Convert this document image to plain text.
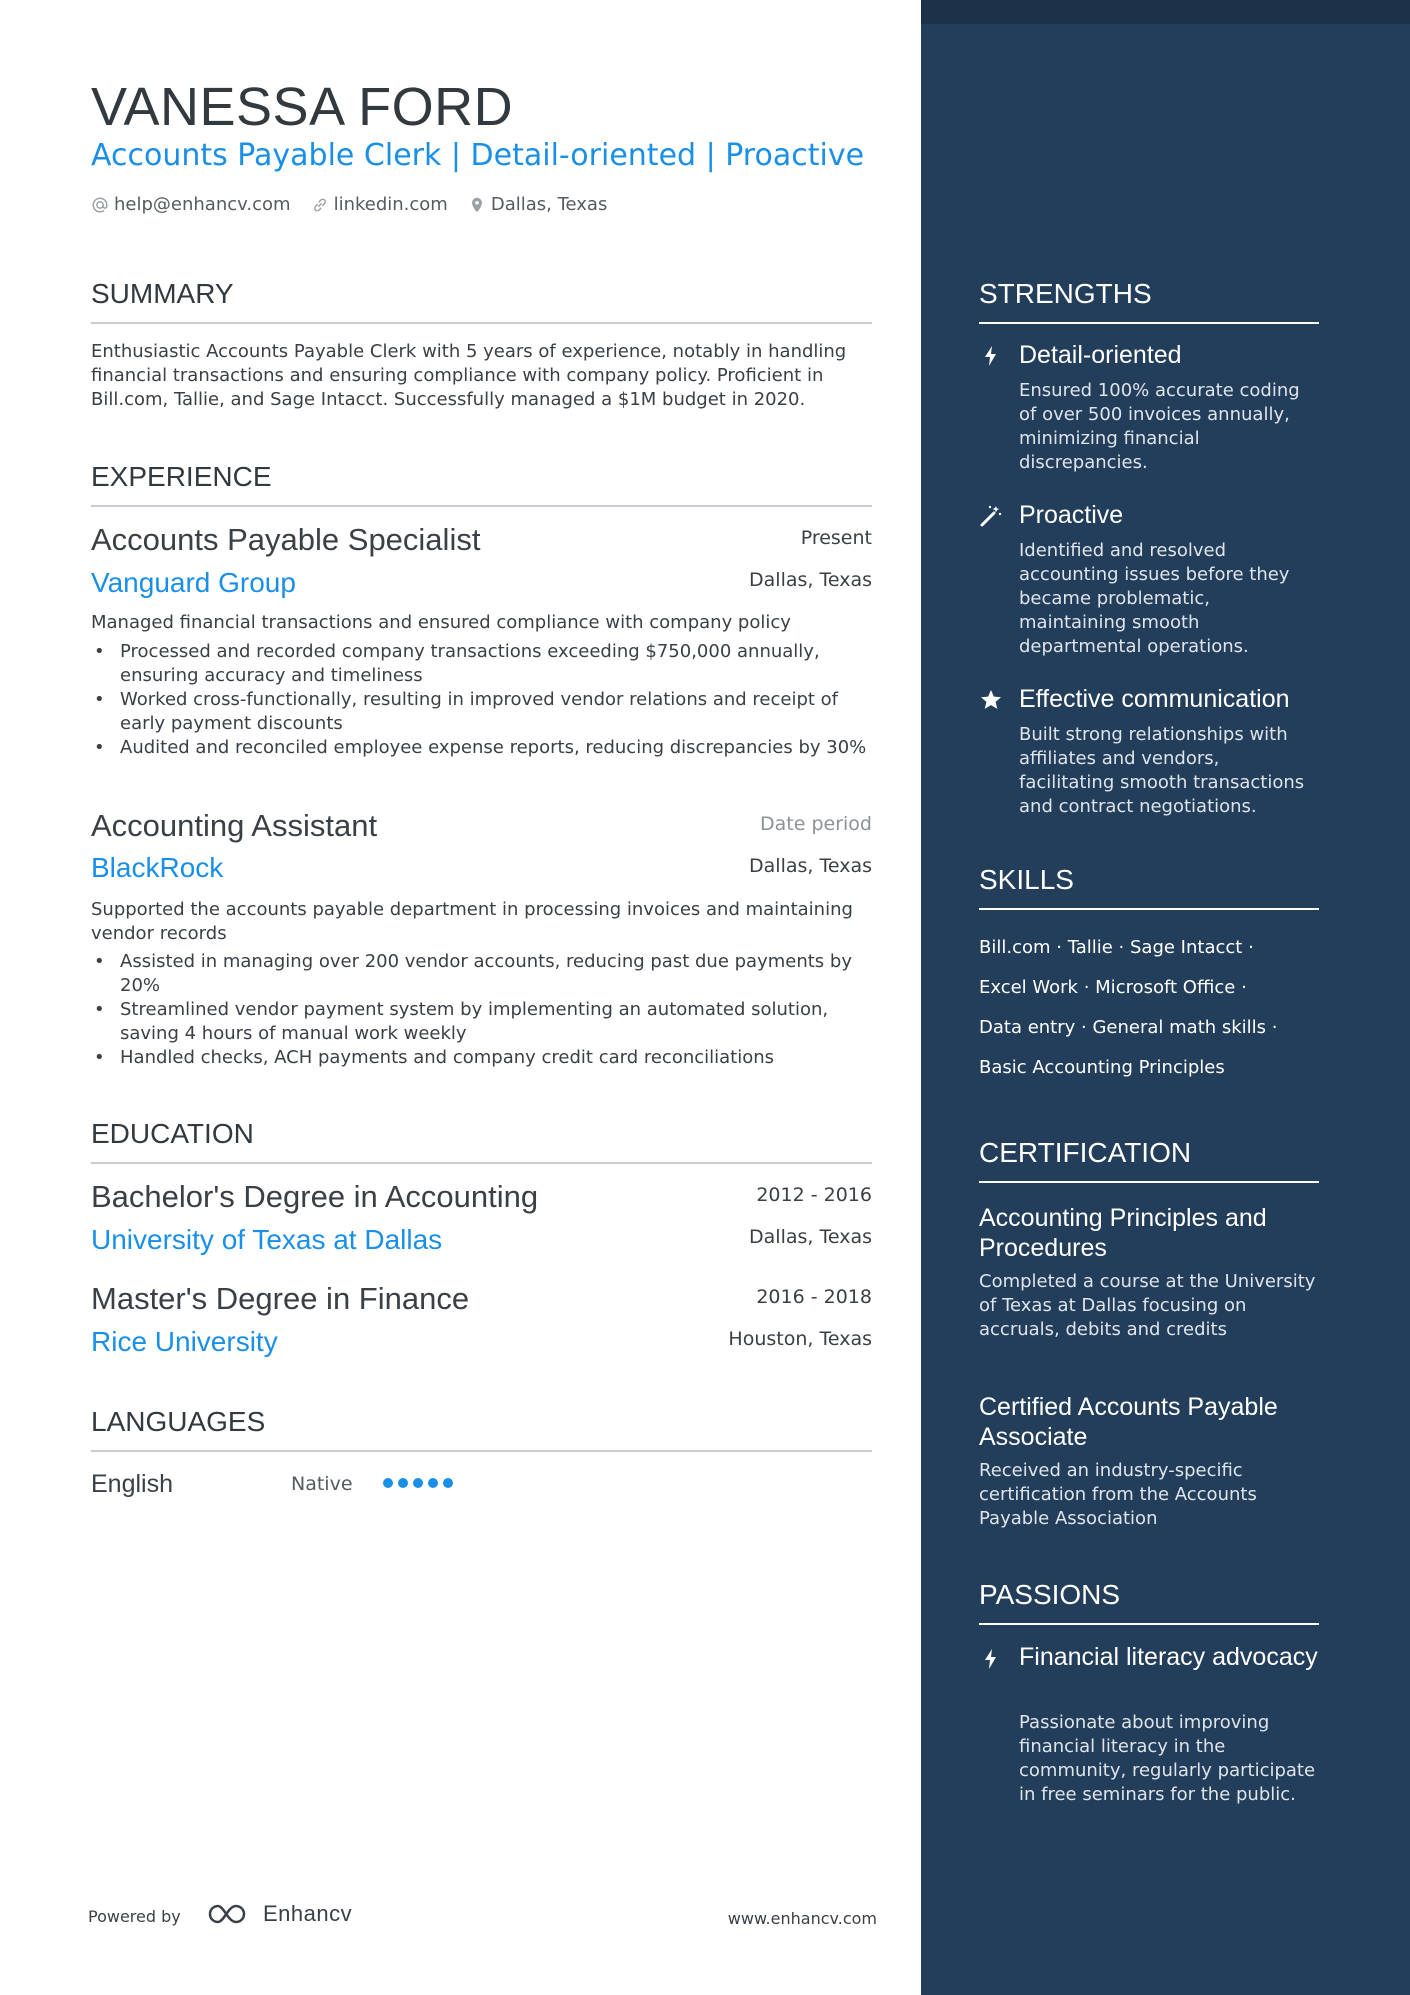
VANESSA FORD
Accounts Payable Clerk | Detail-oriented | Proactive
help@enhancv.com linkedin.com Dallas, Texas
SUMMARY
Enthusiastic Accounts Payable Clerk with 5 years of experience, notably in handling financial transactions and ensuring compliance with company policy. Proficient in Bill.com, Tallie, and Sage Intacct. Successfully managed a $1M budget in 2020.
EXPERIENCE
Accounts Payable Specialist	Present
Vanguard Group	Dallas, Texas
Managed financial transactions and ensured compliance with company policy
• Processed and recorded company transactions exceeding $750,000 annually, ensuring accuracy and timeliness
• Worked cross-functionally, resulting in improved vendor relations and receipt of early payment discounts
• Audited and reconciled employee expense reports, reducing discrepancies by 30%
Accounting Assistant	Date period
BlackRock	Dallas, Texas
Supported the accounts payable department in processing invoices and maintaining vendor records
• Assisted in managing over 200 vendor accounts, reducing past due payments by 20%
• Streamlined vendor payment system by implementing an automated solution, saving 4 hours of manual work weekly
• Handled checks, ACH payments and company credit card reconciliations
EDUCATION
Bachelor's Degree in Accounting	2012 - 2016
University of Texas at Dallas	Dallas, Texas
Master's Degree in Finance	2016 - 2018
Rice University	Houston, Texas
LANGUAGES
English	Native
Powered by	Enhancv	www.enhancv.com
STRENGTHS
Detail-oriented
Ensured 100% accurate coding of over 500 invoices annually, minimizing financial discrepancies.
Proactive
Identified and resolved accounting issues before they became problematic, maintaining smooth departmental operations.
Effective communication
Built strong relationships with affiliates and vendors, facilitating smooth transactions and contract negotiations.
SKILLS
Bill.com · Tallie · Sage Intacct ·
Excel Work · Microsoft Office ·
Data entry · General math skills ·
Basic Accounting Principles
CERTIFICATION
Accounting Principles and Procedures
Completed a course at the University of Texas at Dallas focusing on accruals, debits and credits
Certified Accounts Payable Associate
Received an industry-specific certification from the Accounts Payable Association
PASSIONS
Financial literacy advocacy
Passionate about improving financial literacy in the community, regularly participate in free seminars for the public.
